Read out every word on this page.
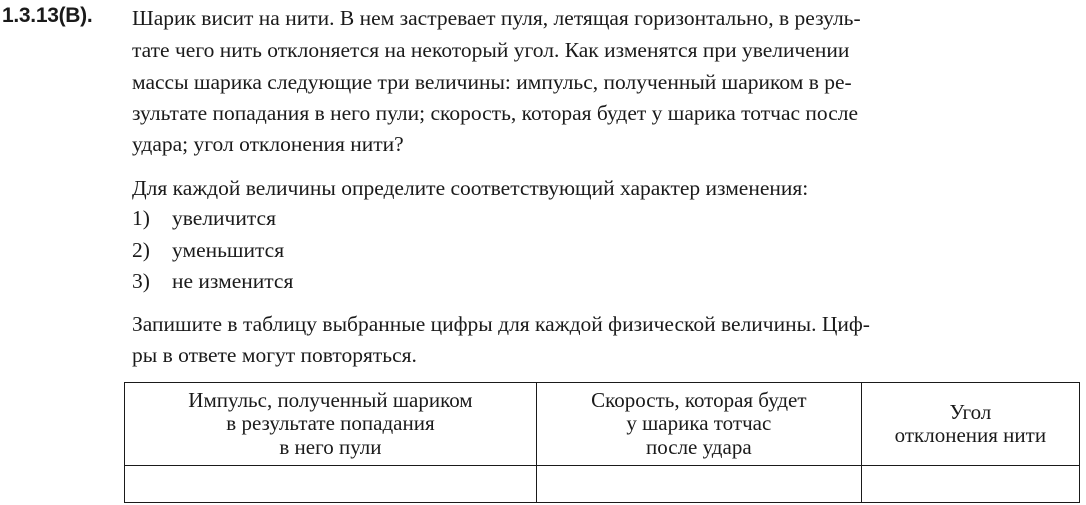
1.3.13(В). Шарик висит на нити. В нем застревает пуля, летящая горизонтально, в резуль-
тате чего нить отклоняется на некоторый угол. Как изменятся при увеличении
массы шарика следующие три величины: импульс, полученный шариком в ре-
зультате попадания в него пули; скорость, которая будет у шарика тотчас после
удара; угол отклонения нити?
Для каждой величины определите соответствующий характер изменения:
1) увеличится
2) уменьшится
3) не изменится
Запишите в таблицу выбранные цифры для каждой физической величины. Циф-
ры в ответе могут повторяться.
Импульс, полученный шариком
в результате попадания
в него пули	Скорость, которая будет
у шарика тотчас
после удара	Угол
отклонения нити
